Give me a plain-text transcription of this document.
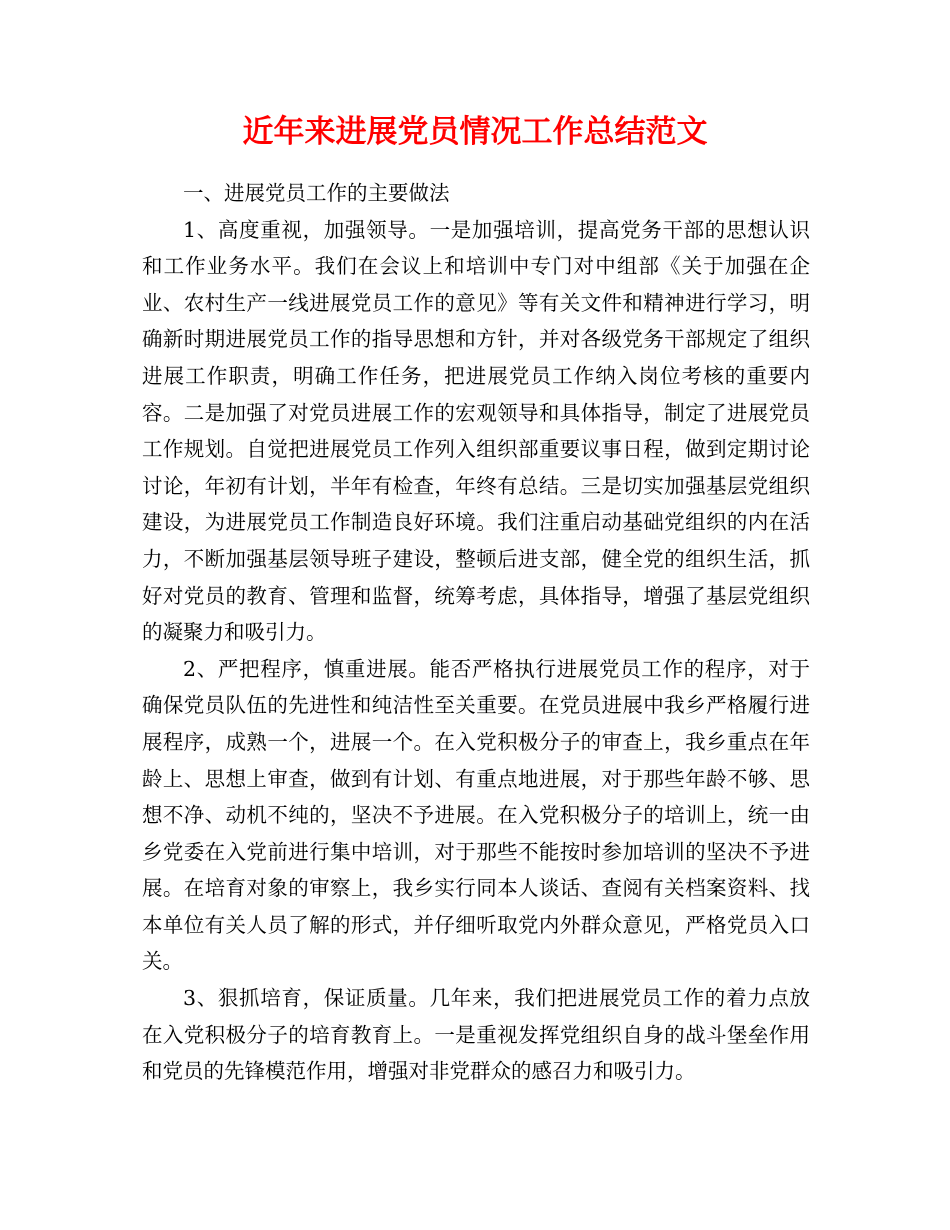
近年来进展党员情况工作总结范文

一、进展党员工作的主要做法

1、高度重视，加强领导。一是加强培训，提高党务干部的思想认识和工作业务水平。我们在会议上和培训中专门对中组部《关于加强在企业、农村生产一线进展党员工作的意见》等有关文件和精神进行学习，明确新时期进展党员工作的指导思想和方针，并对各级党务干部规定了组织进展工作职责，明确工作任务，把进展党员工作纳入岗位考核的重要内容。二是加强了对党员进展工作的宏观领导和具体指导，制定了进展党员工作规划。自觉把进展党员工作列入组织部重要议事日程，做到定期讨论讨论，年初有计划，半年有检查，年终有总结。三是切实加强基层党组织建设，为进展党员工作制造良好环境。我们注重启动基础党组织的内在活力，不断加强基层领导班子建设，整顿后进支部，健全党的组织生活，抓好对党员的教育、管理和监督，统筹考虑，具体指导，增强了基层党组织的凝聚力和吸引力。

2、严把程序，慎重进展。能否严格执行进展党员工作的程序，对于确保党员队伍的先进性和纯洁性至关重要。在党员进展中我乡严格履行进展程序，成熟一个，进展一个。在入党积极分子的审查上，我乡重点在年龄上、思想上审查，做到有计划、有重点地进展，对于那些年龄不够、思想不净、动机不纯的，坚决不予进展。在入党积极分子的培训上，统一由乡党委在入党前进行集中培训，对于那些不能按时参加培训的坚决不予进展。在培育对象的审察上，我乡实行同本人谈话、查阅有关档案资料、找本单位有关人员了解的形式，并仔细听取党内外群众意见，严格党员入口关。

3、狠抓培育，保证质量。几年来，我们把进展党员工作的着力点放在入党积极分子的培育教育上。一是重视发挥党组织自身的战斗堡垒作用和党员的先锋模范作用，增强对非党群众的感召力和吸引力。
